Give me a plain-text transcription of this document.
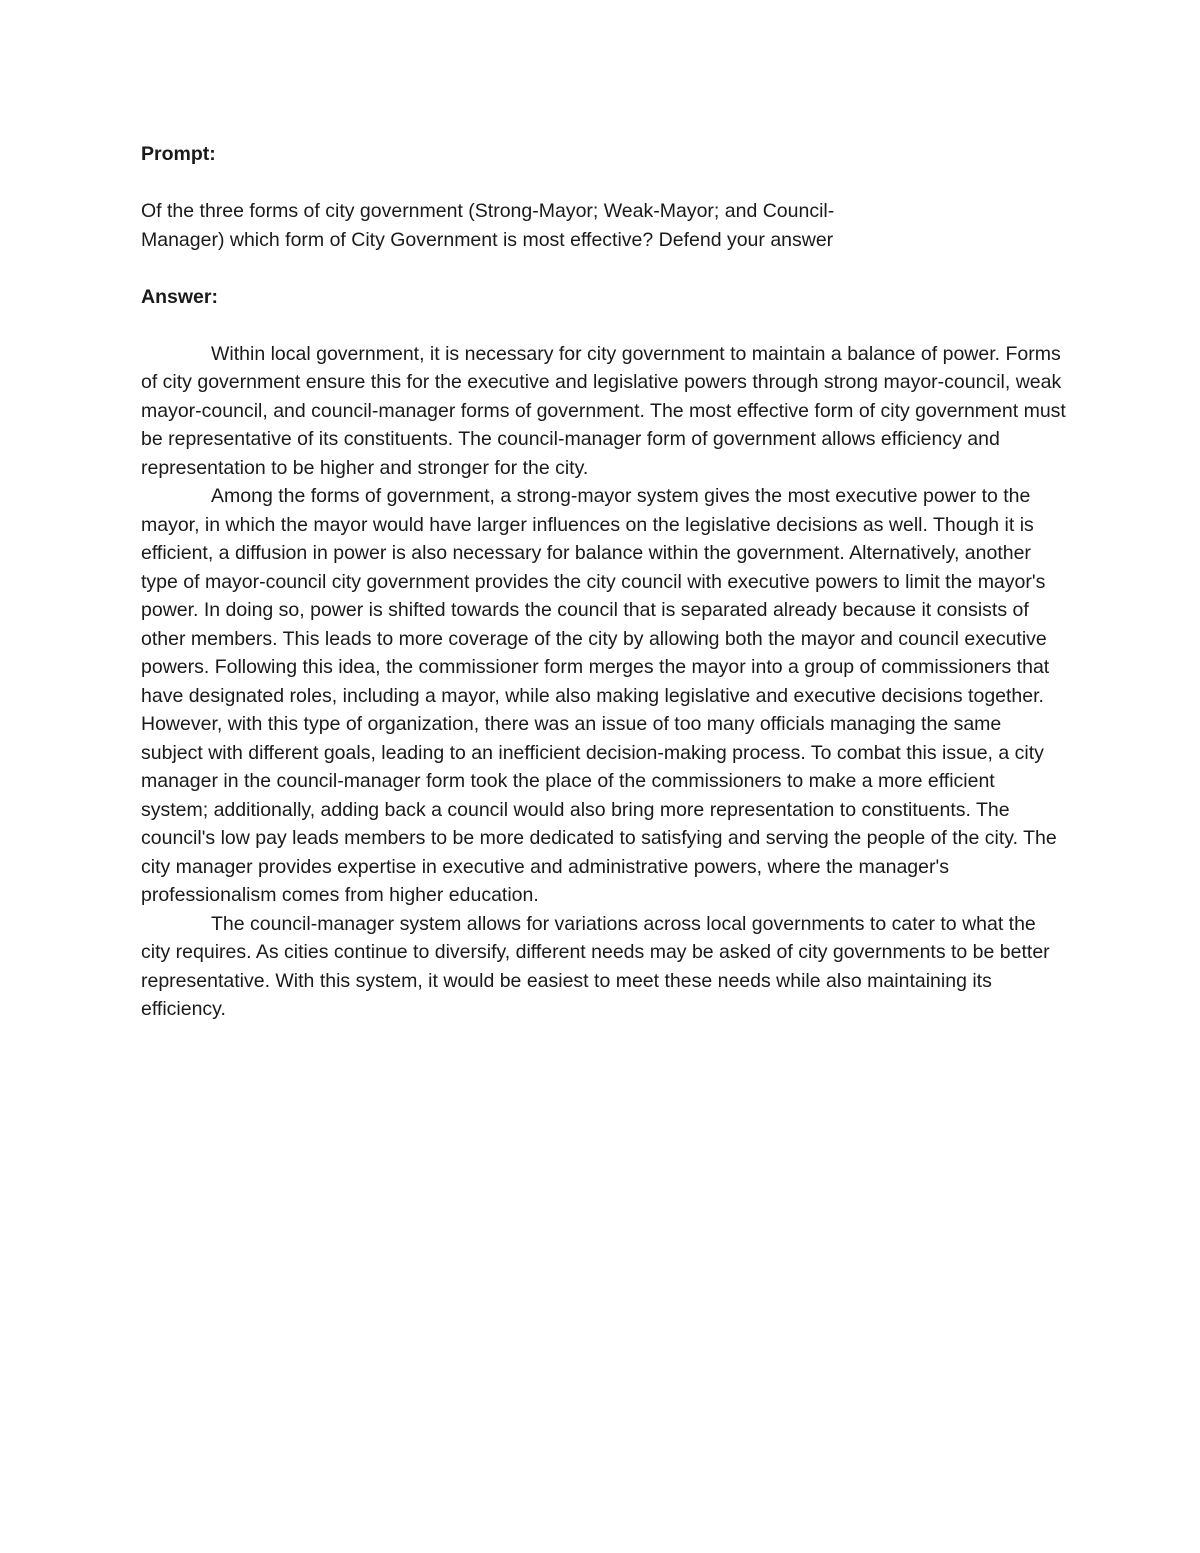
Prompt:

Of the three forms of city government (Strong-Mayor; Weak-Mayor; and Council-Manager) which form of City Government is most effective? Defend your answer

Answer:

Within local government, it is necessary for city government to maintain a balance of power. Forms of city government ensure this for the executive and legislative powers through strong mayor-council, weak mayor-council, and council-manager forms of government. The most effective form of city government must be representative of its constituents. The council-manager form of government allows efficiency and representation to be higher and stronger for the city.

Among the forms of government, a strong-mayor system gives the most executive power to the mayor, in which the mayor would have larger influences on the legislative decisions as well. Though it is efficient, a diffusion in power is also necessary for balance within the government. Alternatively, another type of mayor-council city government provides the city council with executive powers to limit the mayor's power. In doing so, power is shifted towards the council that is separated already because it consists of other members. This leads to more coverage of the city by allowing both the mayor and council executive powers. Following this idea, the commissioner form merges the mayor into a group of commissioners that have designated roles, including a mayor, while also making legislative and executive decisions together. However, with this type of organization, there was an issue of too many officials managing the same subject with different goals, leading to an inefficient decision-making process. To combat this issue, a city manager in the council-manager form took the place of the commissioners to make a more efficient system; additionally, adding back a council would also bring more representation to constituents. The council's low pay leads members to be more dedicated to satisfying and serving the people of the city. The city manager provides expertise in executive and administrative powers, where the manager's professionalism comes from higher education.

The council-manager system allows for variations across local governments to cater to what the city requires. As cities continue to diversify, different needs may be asked of city governments to be better representative. With this system, it would be easiest to meet these needs while also maintaining its efficiency.
